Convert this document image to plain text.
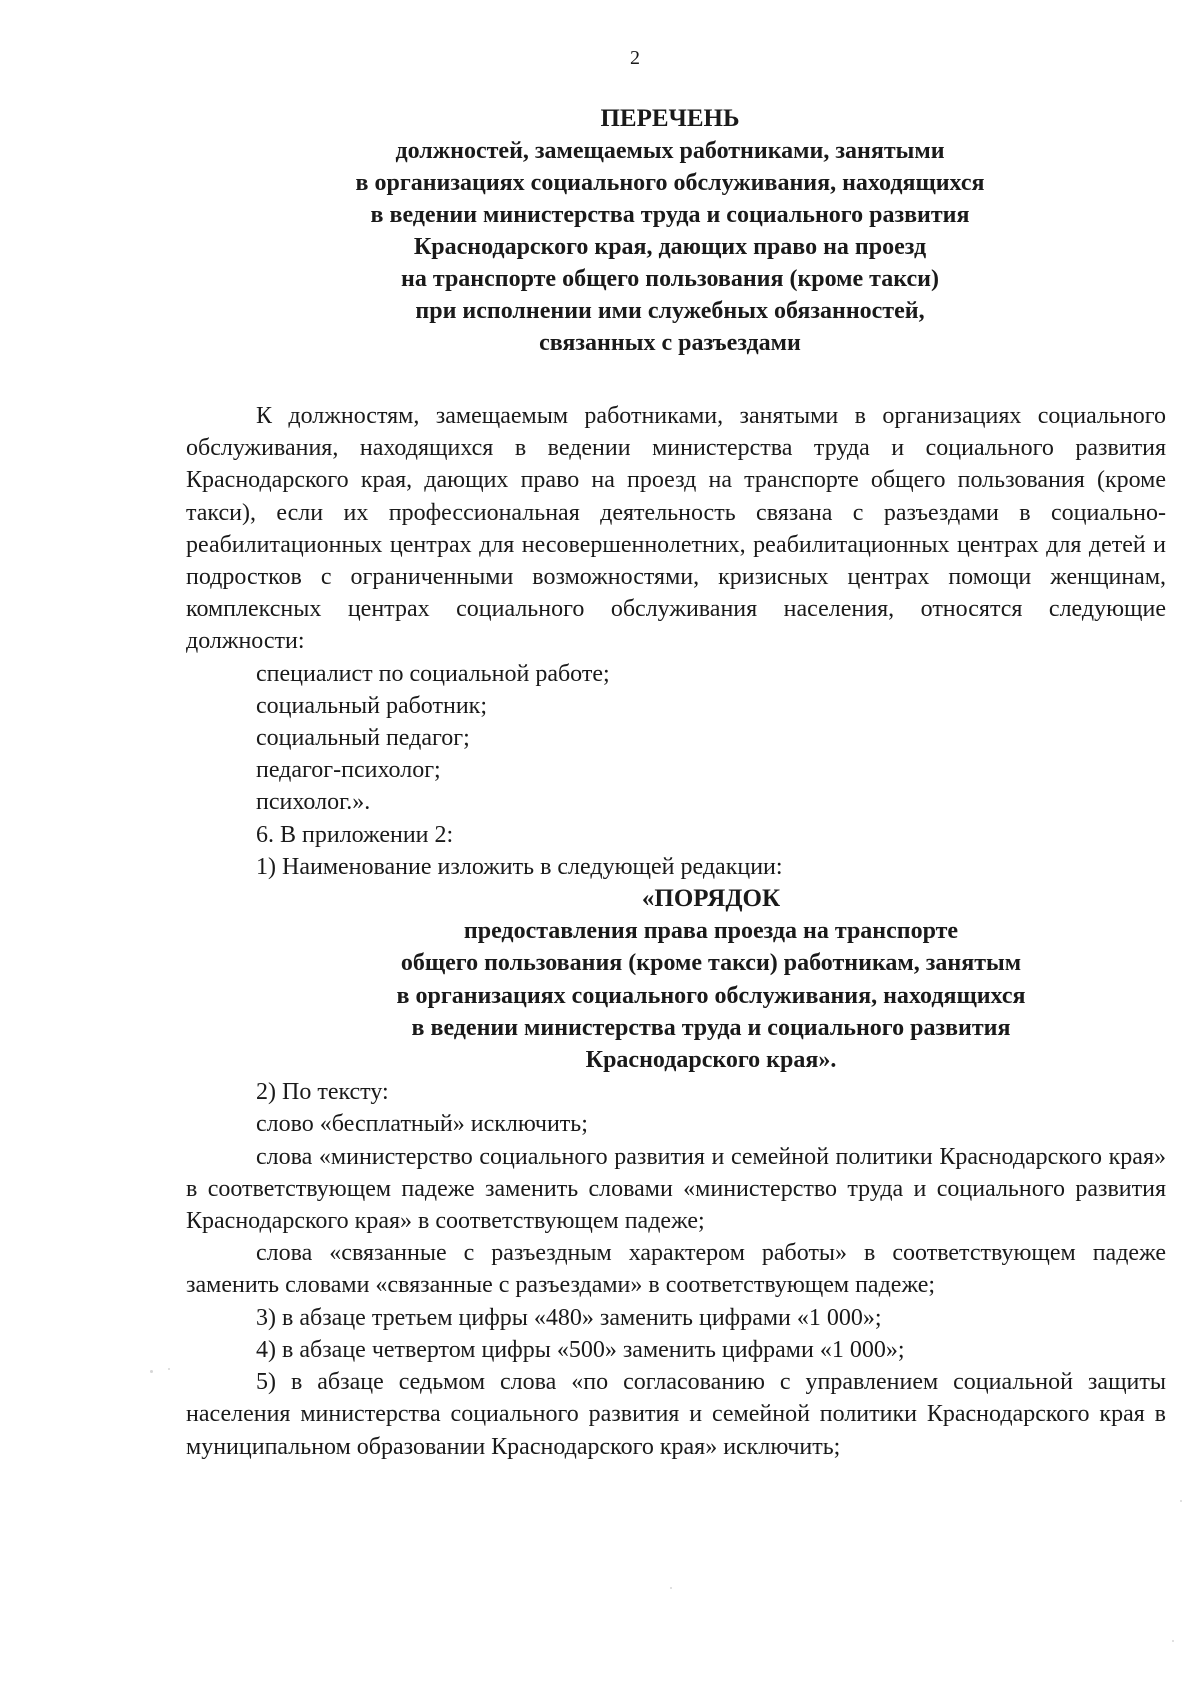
2
ПЕРЕЧЕНЬ
должностей, замещаемых работниками, занятыми
в организациях социального обслуживания, находящихся
в ведении министерства труда и социального развития
Краснодарского края, дающих право на проезд
на транспорте общего пользования (кроме такси)
при исполнении ими служебных обязанностей,
связанных с разъездами

К должностям, замещаемым работниками, занятыми в организациях социального обслуживания, находящихся в ведении министерства труда и социального развития Краснодарского края, дающих право на проезд на транспорте общего пользования (кроме такси), если их профессиональная деятельность связана с разъездами в социально-реабилитационных центрах для несовершеннолетних, реабилитационных центрах для детей и подростков с ограниченными возможностями, кризисных центрах помощи женщинам, комплексных центрах социального обслуживания населения, относятся следующие должности:

специалист по социальной работе;
социальный работник;
социальный педагог;
педагог-психолог;
психолог.».
6. В приложении 2:
1) Наименование изложить в следующей редакции:
«ПОРЯДОК
предоставления права проезда на транспорте
общего пользования (кроме такси) работникам, занятым
в организациях социального обслуживания, находящихся
в ведении министерства труда и социального развития
Краснодарского края».
2) По тексту:

слово «бесплатный» исключить;

слова «министерство социального развития и семейной политики Краснодарского края» в соответствующем падеже заменить словами «министерство труда и социального развития Краснодарского края» в соответствующем падеже;

слова «связанные с разъездным характером работы» в соответствующем падеже заменить словами «связанные с разъездами» в соответствующем падеже;

3) в абзаце третьем цифры «480» заменить цифрами «1 000»;

4) в абзаце четвертом цифры «500» заменить цифрами «1 000»;

5) в абзаце седьмом слова «по согласованию с управлением социальной защиты населения министерства социального развития и семейной политики Краснодарского края в муниципальном образовании Краснодарского края» исключить;
